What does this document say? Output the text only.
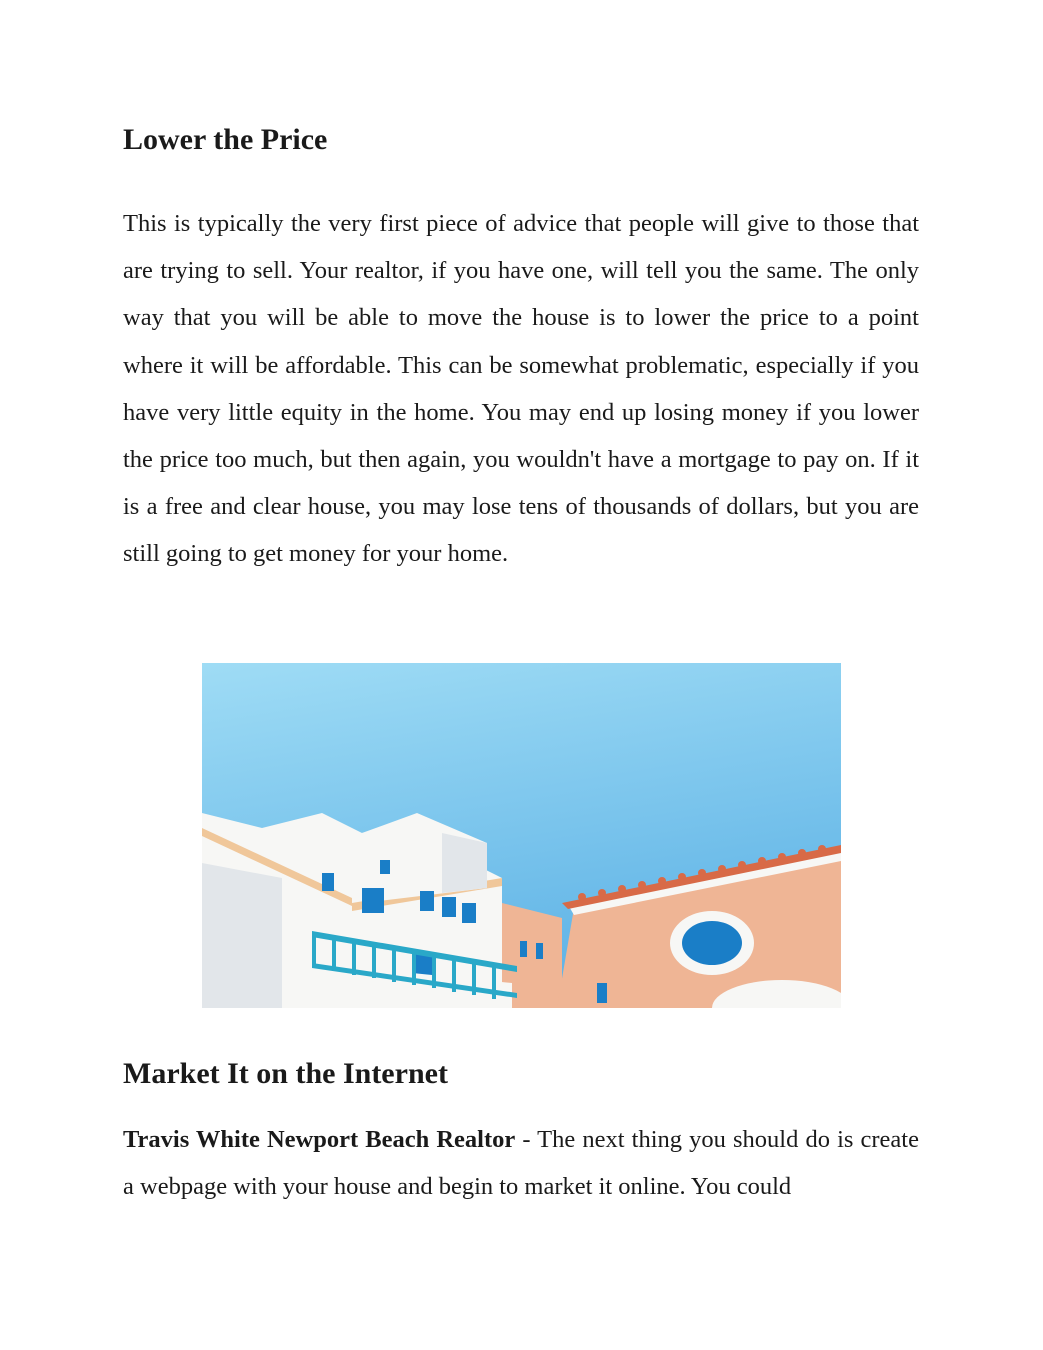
Lower the Price

This is typically the very first piece of advice that people will give to those that are trying to sell. Your realtor, if you have one, will tell you the same. The only way that you will be able to move the house is to lower the price to a point where it will be affordable. This can be somewhat problematic, especially if you have very little equity in the home. You may end up losing money if you lower the price too much, but then again, you wouldn't have a mortgage to pay on. If it is a free and clear house, you may lose tens of thousands of dollars, but you are still going to get money for your home.

Market It on the Internet

Travis White Newport Beach Realtor - The next thing you should do is create a webpage with your house and begin to market it online. You could
